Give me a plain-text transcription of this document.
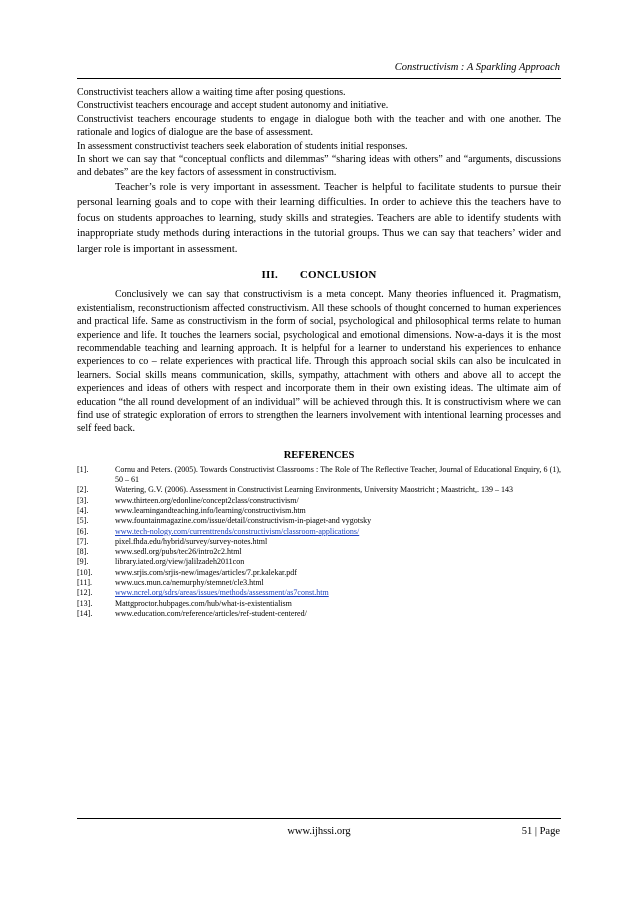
Constructivism : A Sparkling Approach

Constructivist teachers allow a waiting time after posing questions.

Constructivist teachers encourage and accept student autonomy and initiative.

Constructivist teachers encourage students to engage in dialogue both with the teacher and with one another. The rationale and logics of dialogue are the base of assessment.

In assessment constructivist teachers seek elaboration of students initial responses.

In short we can say that “conceptual conflicts and dilemmas” “sharing ideas with others” and “arguments, discussions and debates” are the key factors of assessment in constructivism.

Teacher’s role is very important in assessment. Teacher is helpful to facilitate students to pursue their personal learning goals and to cope with their learning difficulties. In order to achieve this the teachers have to focus on students approaches to learning, study skills and strategies. Teachers are able to identify students with inappropriate study methods during interactions in the tutorial groups. Thus we can say that teachers’ wider and larger role is important in assessment.

III. CONCLUSION

Conclusively we can say that constructivism is a meta concept. Many theories influenced it. Pragmatism, existentialism, reconstructionism affected constructivism. All these schools of thought concerned to human experiences and practical life. Same as constructivism in the form of social, psychological and philosophical terms relate to human experience and life. It touches the learners social, psychological and emotional dimensions. Now-a-days it is the most recommendable teaching and learning approach. It is helpful for a learner to understand his experiences to enhance experiences to co – relate experiences with practical life. Through this approach social skils can also be inculcated in learners. Social skills means communication, skills, sympathy, attachment with others and above all to accept the experiences and ideas of others with respect and incorporate them in their own existing ideas. The ultimate aim of education “the all round development of an individual” will be achieved through this. It is constructivism where we can find use of strategic exploration of errors to strengthen the learners involvement with intentional learning processes and self feed back.

REFERENCES
[1].	Cornu and Peters. (2005). Towards Constructivist Classrooms : The Role of The Reflective Teacher, Journal of Educational Enquiry, 6 (1), 50 – 61
[2].	Watering, G.V. (2006). Assessment in Constructivist Learning Environments, University Maostricht ; Maastricht,. 139 – 143
[3].	www.thirteen.org/edonline/concept2class/constructivism/
[4].	www.learningandteaching.info/learning/constructivism.htm
[5].	www.fountainmagazine.com/issue/detail/constructivism-in-piaget-and vygotsky
[6].	www.tech-nology.com/currenttrends/constructivism/classroom-applications/
[7].	pixel.fhda.edu/hybrid/survey/survey-notes.html
[8].	www.sedl.org/pubs/tec26/intro2c2.html
[9].	library.iated.org/view/jalilzadeh2011con
[10].	www.srjis.com/srjis-new/images/articles/7.pr.kalekar.pdf
[11].	www.ucs.mun.ca/nemurphy/stemnet/cle3.html
[12].	www.ncrel.org/sdrs/areas/issues/methods/assessment/as7const.htm
[13].	Mattgproctor.hubpages.com/hub/what-is-existentialism
[14].	www.education.com/reference/articles/ref-student-centered/
www.ijhssi.org	51 | Page
